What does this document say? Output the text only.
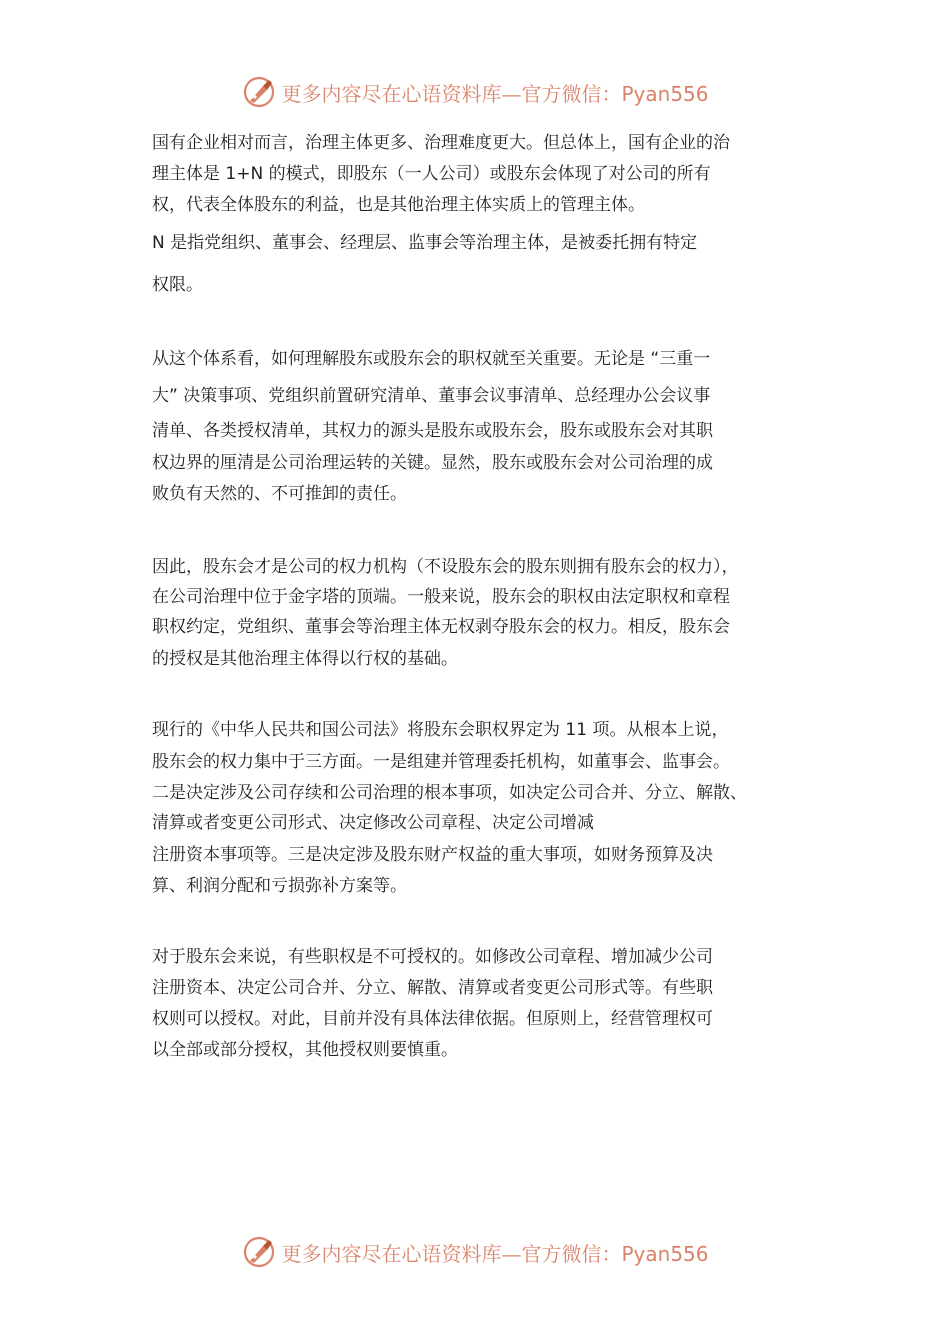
更多内容尽在心语资料库—官方微信：Pyan556
国有企业相对而言，治理主体更多、治理难度更大。但总体上，国有企业的治
理主体是 1+N 的模式，即股东（一人公司）或股东会体现了对公司的所有
权，代表全体股东的利益，也是其他治理主体实质上的管理主体。
N 是指党组织、董事会、经理层、监事会等治理主体，是被委托拥有特定
权限。
从这个体系看，如何理解股东或股东会的职权就至关重要。无论是 “三重一
大” 决策事项、党组织前置研究清单、董事会议事清单、总经理办公会议事
清单、各类授权清单，其权力的源头是股东或股东会，股东或股东会对其职
权边界的厘清是公司治理运转的关键。显然，股东或股东会对公司治理的成
败负有天然的、不可推卸的责任。
因此，股东会才是公司的权力机构（不设股东会的股东则拥有股东会的权力），
在公司治理中位于金字塔的顶端。一般来说，股东会的职权由法定职权和章程
职权约定，党组织、董事会等治理主体无权剥夺股东会的权力。相反，股东会
的授权是其他治理主体得以行权的基础。
现行的《中华人民共和国公司法》将股东会职权界定为 11 项。从根本上说，
股东会的权力集中于三方面。一是组建并管理委托机构，如董事会、监事会。
二是决定涉及公司存续和公司治理的根本事项，如决定公司合并、分立、解散、
清算或者变更公司形式、决定修改公司章程、决定公司增减
注册资本事项等。三是决定涉及股东财产权益的重大事项，如财务预算及决
算、利润分配和亏损弥补方案等。
对于股东会来说，有些职权是不可授权的。如修改公司章程、增加减少公司
注册资本、决定公司合并、分立、解散、清算或者变更公司形式等。有些职
权则可以授权。对此，目前并没有具体法律依据。但原则上，经营管理权可
以全部或部分授权，其他授权则要慎重。
更多内容尽在心语资料库—官方微信：Pyan556
